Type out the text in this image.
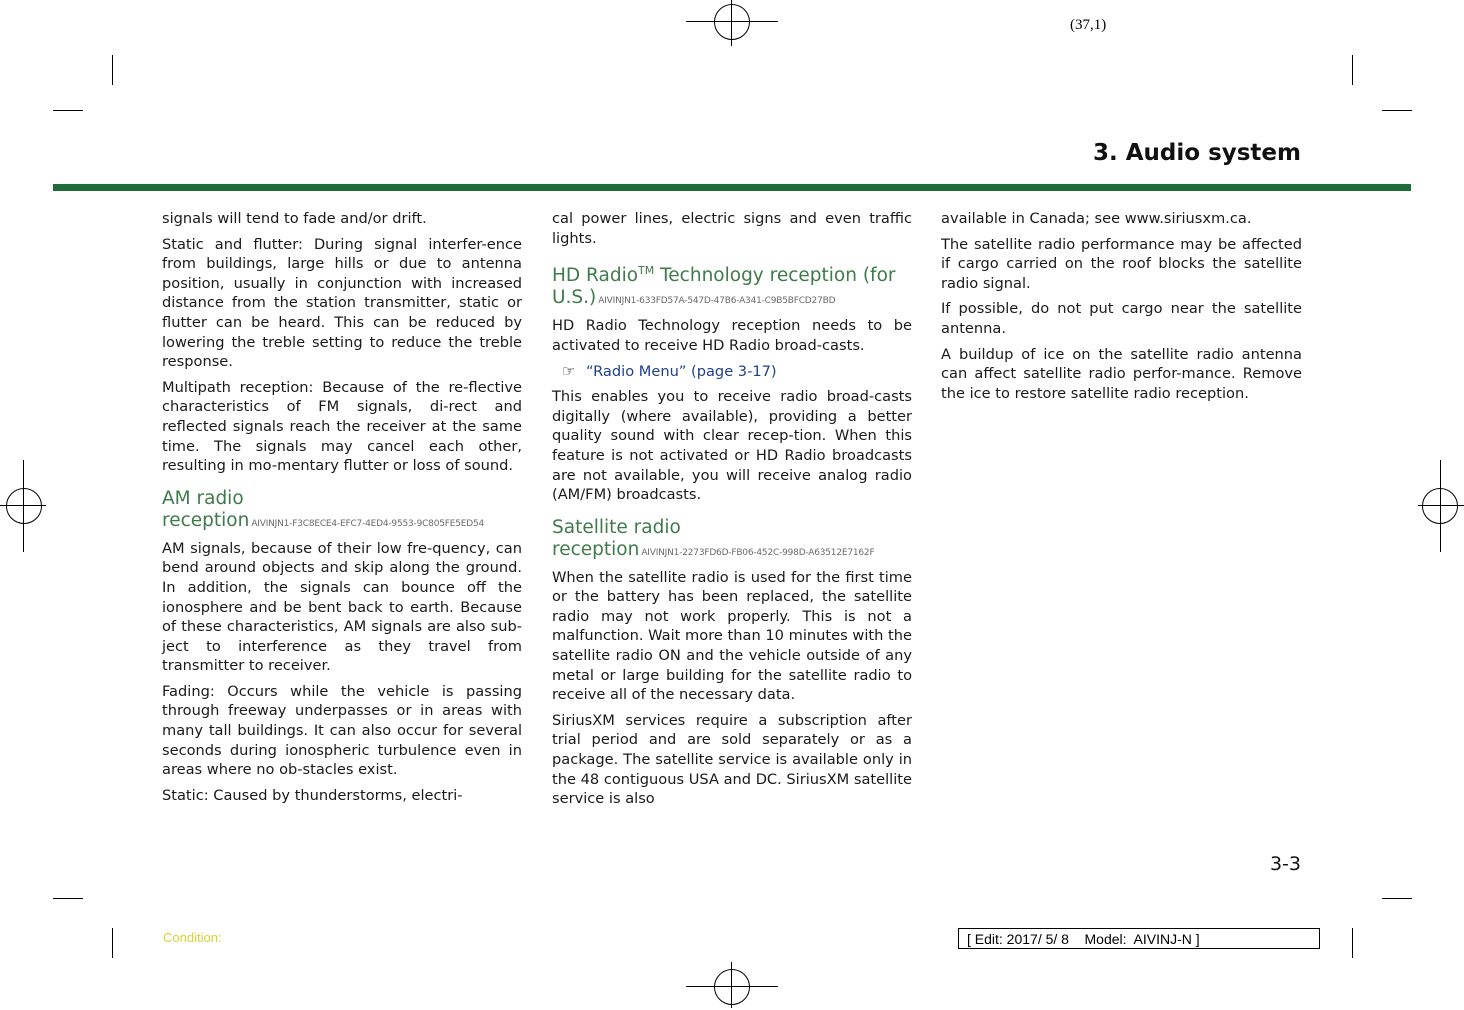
(37,1)
3. Audio system

signals will tend to fade and/or drift.

Static and flutter: During signal interfer-ence from buildings, large hills or due to antenna position, usually in conjunction with increased distance from the station transmitter, static or flutter can be heard. This can be reduced by lowering the treble setting to reduce the treble response.

Multipath reception: Because of the re-flective characteristics of FM signals, di-rect and reflected signals reach the receiver at the same time. The signals may cancel each other, resulting in mo-mentary flutter or loss of sound.

AM radio reception AIVINJN1-F3C8ECE4-EFC7-4ED4-9553-9C805FE5ED54

AM signals, because of their low fre-quency, can bend around objects and skip along the ground. In addition, the signals can bounce off the ionosphere and be bent back to earth. Because of these characteristics, AM signals are also sub-ject to interference as they travel from transmitter to receiver.

Fading: Occurs while the vehicle is passing through freeway underpasses or in areas with many tall buildings. It can also occur for several seconds during ionospheric turbulence even in areas where no ob-stacles exist.

Static: Caused by thunderstorms, electri-

cal power lines, electric signs and even traffic lights.

HD Radio™ Technology reception (for U.S.) AIVINJN1-633FD57A-547D-47B6-A341-C9B5BFCD27BD

HD Radio Technology reception needs to be activated to receive HD Radio broad-casts.

☞ “Radio Menu” (page 3-17)

This enables you to receive radio broad-casts digitally (where available), providing a better quality sound with clear recep-tion. When this feature is not activated or HD Radio broadcasts are not available, you will receive analog radio (AM/FM) broadcasts.

Satellite radio reception AIVINJN1-2273FD6D-FB06-452C-998D-A63512E7162F

When the satellite radio is used for the first time or the battery has been replaced, the satellite radio may not work properly. This is not a malfunction. Wait more than 10 minutes with the satellite radio ON and the vehicle outside of any metal or large building for the satellite radio to receive all of the necessary data.

SiriusXM services require a subscription after trial period and are sold separately or as a package. The satellite service is available only in the 48 contiguous USA and DC. SiriusXM satellite service is also

available in Canada; see www.siriusxm.ca.

The satellite radio performance may be affected if cargo carried on the roof blocks the satellite radio signal.

If possible, do not put cargo near the satellite antenna.

A buildup of ice on the satellite radio antenna can affect satellite radio perfor-mance. Remove the ice to restore satellite radio reception.

3-3
Condition:	[ Edit: 2017/ 5/ 8    Model:  AIVINJ-N ]
